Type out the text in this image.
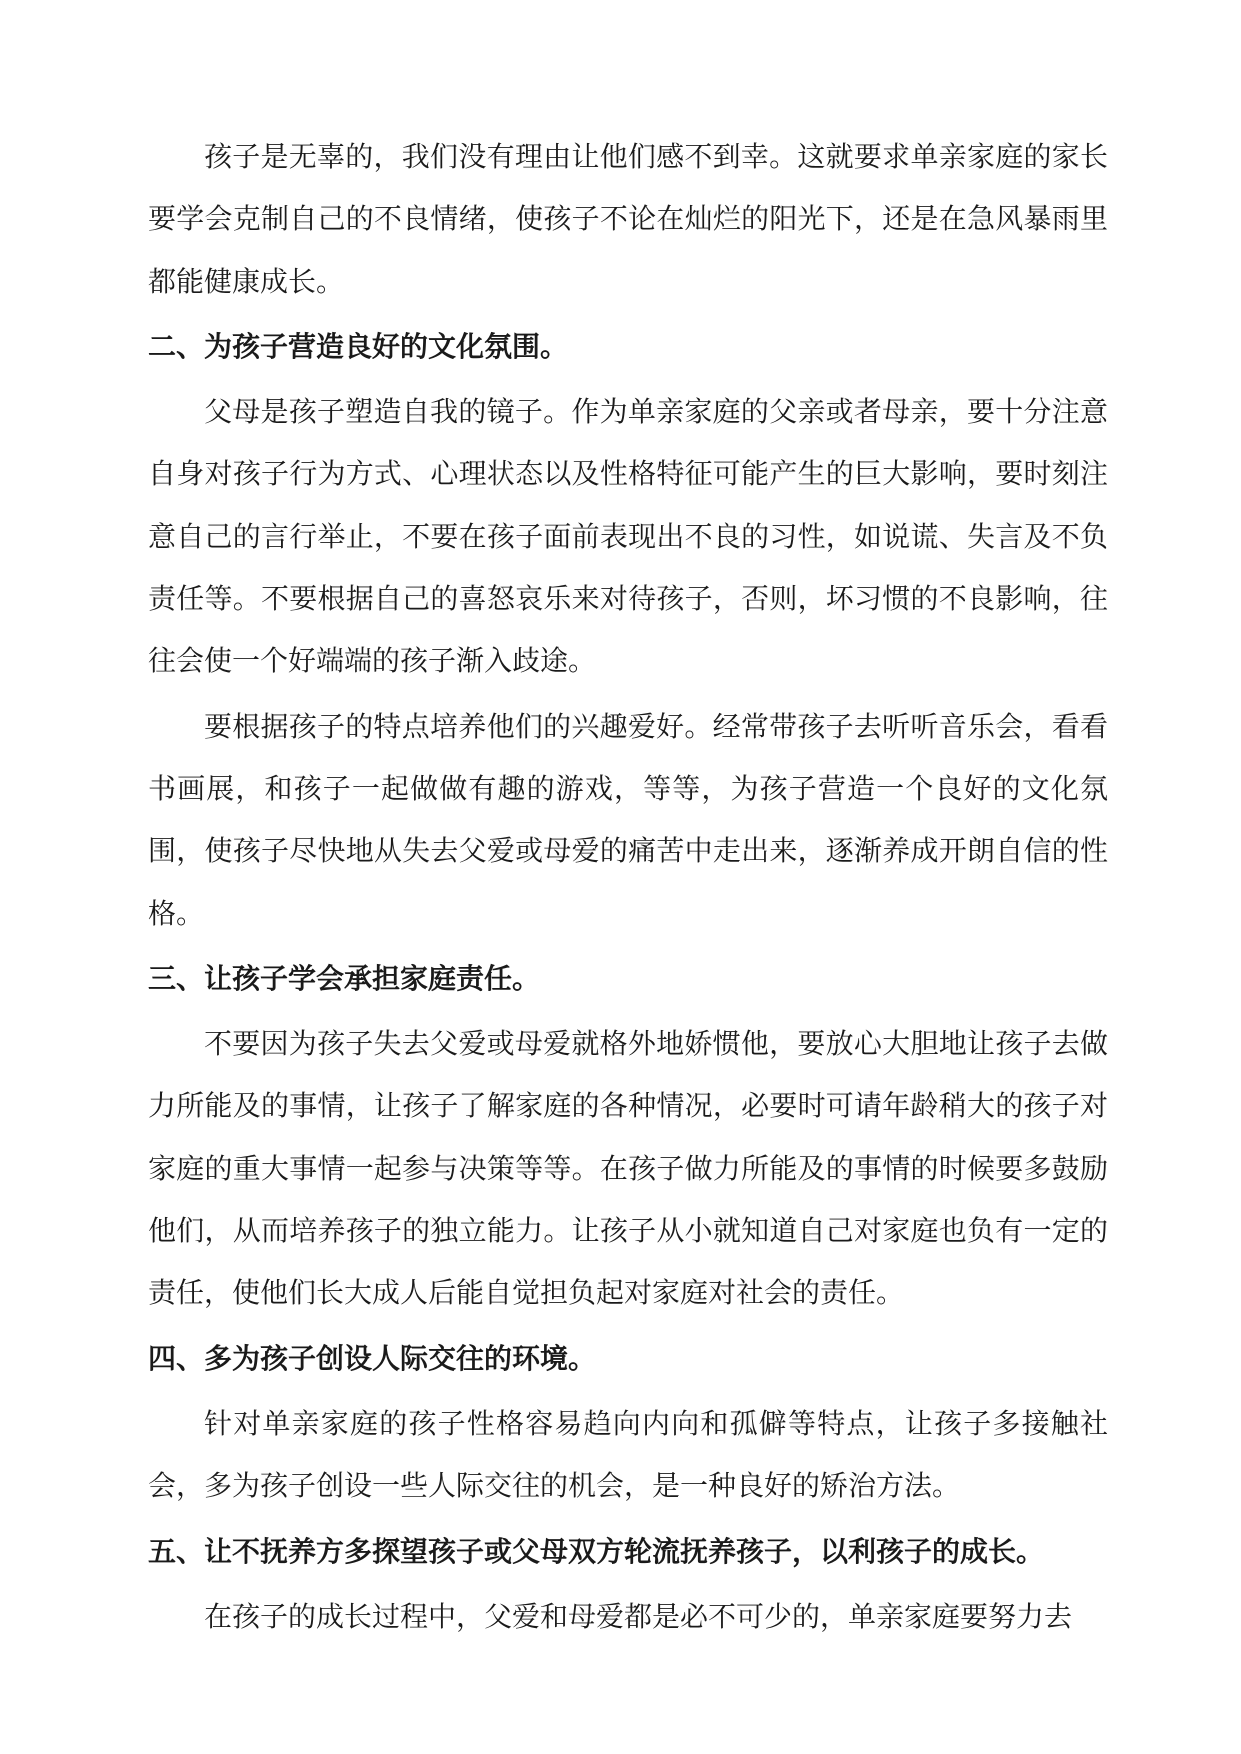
孩子是无辜的，我们没有理由让他们感不到幸。这就要求单亲家庭的家长要学会克制自己的不良情绪，使孩子不论在灿烂的阳光下，还是在急风暴雨里都能健康成长。

二、为孩子营造良好的文化氛围。

父母是孩子塑造自我的镜子。作为单亲家庭的父亲或者母亲，要十分注意自身对孩子行为方式、心理状态以及性格特征可能产生的巨大影响，要时刻注意自己的言行举止，不要在孩子面前表现出不良的习性，如说谎、失言及不负责任等。不要根据自己的喜怒哀乐来对待孩子，否则，坏习惯的不良影响，往往会使一个好端端的孩子渐入歧途。

要根据孩子的特点培养他们的兴趣爱好。经常带孩子去听听音乐会，看看书画展，和孩子一起做做有趣的游戏，等等，为孩子营造一个良好的文化氛围，使孩子尽快地从失去父爱或母爱的痛苦中走出来，逐渐养成开朗自信的性格。

三、让孩子学会承担家庭责任。

不要因为孩子失去父爱或母爱就格外地娇惯他，要放心大胆地让孩子去做力所能及的事情，让孩子了解家庭的各种情况，必要时可请年龄稍大的孩子对家庭的重大事情一起参与决策等等。在孩子做力所能及的事情的时候要多鼓励他们，从而培养孩子的独立能力。让孩子从小就知道自己对家庭也负有一定的责任，使他们长大成人后能自觉担负起对家庭对社会的责任。

四、多为孩子创设人际交往的环境。

针对单亲家庭的孩子性格容易趋向内向和孤僻等特点，让孩子多接触社会，多为孩子创设一些人际交往的机会，是一种良好的矫治方法。

五、让不抚养方多探望孩子或父母双方轮流抚养孩子，以利孩子的成长。

在孩子的成长过程中，父爱和母爱都是必不可少的，单亲家庭要努力去
